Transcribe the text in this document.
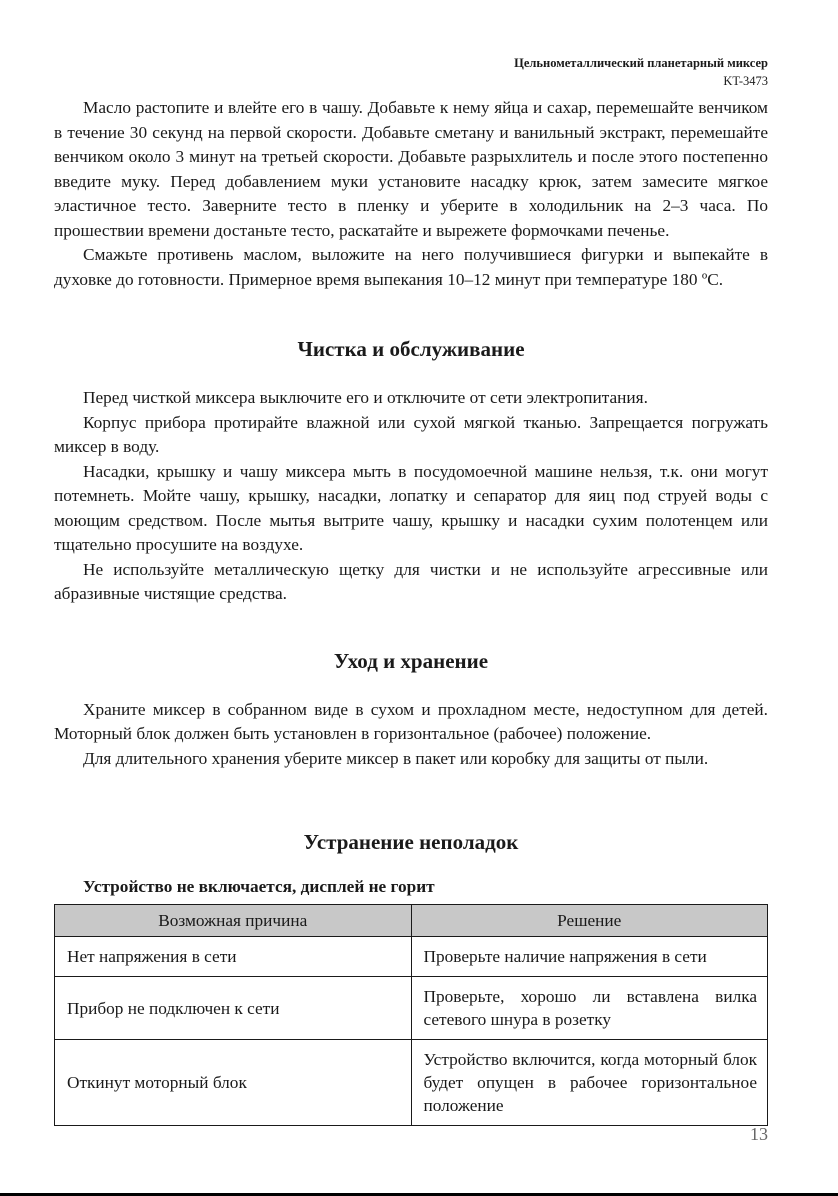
Цельнометаллический планетарный миксер
KT-3473

Масло растопите и влейте его в чашу. Добавьте к нему яйца и сахар, перемешайте венчиком в течение 30 секунд на первой скорости. Добавьте сметану и ванильный экстракт, перемешайте венчиком около 3 минут на третьей скорости. Добавьте разрыхлитель и после этого постепенно введите муку. Перед добавлением муки установите насадку крюк, затем замесите мягкое эластичное тесто. Заверните тесто в пленку и уберите в холодильник на 2–3 часа. По прошествии времени достаньте тесто, раскатайте и вырежете формочками печенье.

Смажьте противень маслом, выложите на него получившиеся фигурки и выпекайте в духовке до готовности. Примерное время выпекания 10–12 минут при температуре 180 ºC.

Чистка и обслуживание

Перед чисткой миксера выключите его и отключите от сети электропитания.

Корпус прибора протирайте влажной или сухой мягкой тканью. Запрещается погружать миксер в воду.

Насадки, крышку и чашу миксера мыть в посудомоечной машине нельзя, т.к. они могут потемнеть. Мойте чашу, крышку, насадки, лопатку и сепаратор для яиц под струей воды с моющим средством. После мытья вытрите чашу, крышку и насадки сухим полотенцем или тщательно просушите на воздухе.

Не используйте металлическую щетку для чистки и не используйте агрессивные или абразивные чистящие средства.

Уход и хранение

Храните миксер в собранном виде в сухом и прохладном месте, недоступном для детей. Моторный блок должен быть установлен в горизонтальное (рабочее) положение.

Для длительного хранения уберите миксер в пакет или коробку для защиты от пыли.

Устранение неполадок

Устройство не включается, дисплей не горит

Возможная причина	Решение
Нет напряжения в сети	Проверьте наличие напряжения в сети
Прибор не подключен к сети	Проверьте, хорошо ли вставлена вилка сетевого шнура в розетку
Откинут моторный блок	Устройство включится, когда моторный блок будет опущен в рабочее горизонтальное положение
13
